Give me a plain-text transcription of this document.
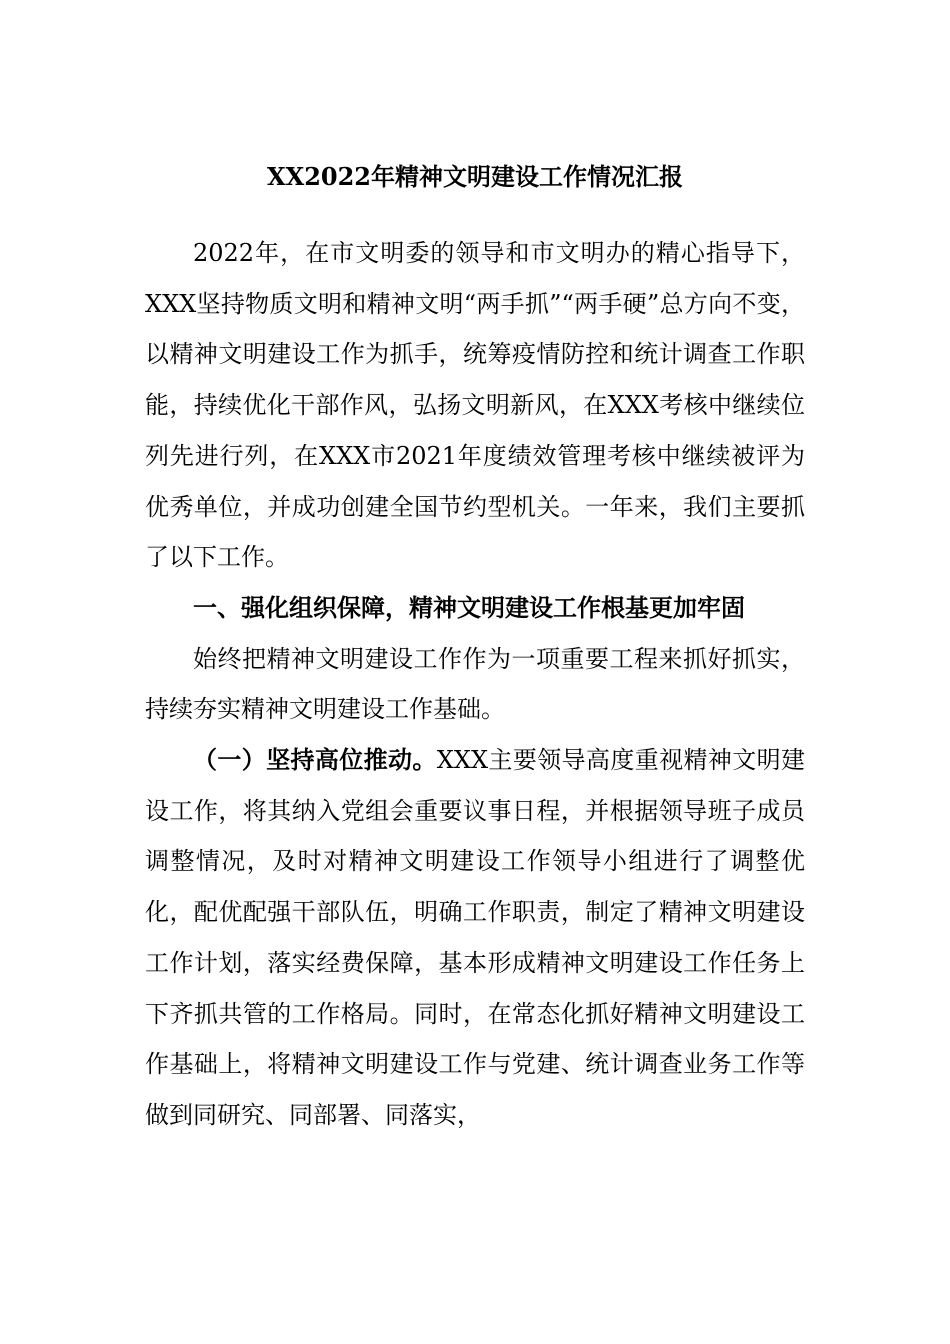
XX2022年精神文明建设工作情况汇报

2022年，在市文明委的领导和市文明办的精心指导下，XXX坚持物质文明和精神文明“两手抓”“两手硬”总方向不变，以精神文明建设工作为抓手，统筹疫情防控和统计调查工作职能，持续优化干部作风，弘扬文明新风，在XXX考核中继续位列先进行列，在XXX市2021年度绩效管理考核中继续被评为优秀单位，并成功创建全国节约型机关。一年来，我们主要抓了以下工作。

一、强化组织保障，精神文明建设工作根基更加牢固

始终把精神文明建设工作作为一项重要工程来抓好抓实，持续夯实精神文明建设工作基础。

（一）坚持高位推动。XXX主要领导高度重视精神文明建设工作，将其纳入党组会重要议事日程，并根据领导班子成员调整情况，及时对精神文明建设工作领导小组进行了调整优化，配优配强干部队伍，明确工作职责，制定了精神文明建设工作计划，落实经费保障，基本形成精神文明建设工作任务上下齐抓共管的工作格局。同时，在常态化抓好精神文明建设工作基础上，将精神文明建设工作与党建、统计调查业务工作等做到同研究、同部署、同落实，
